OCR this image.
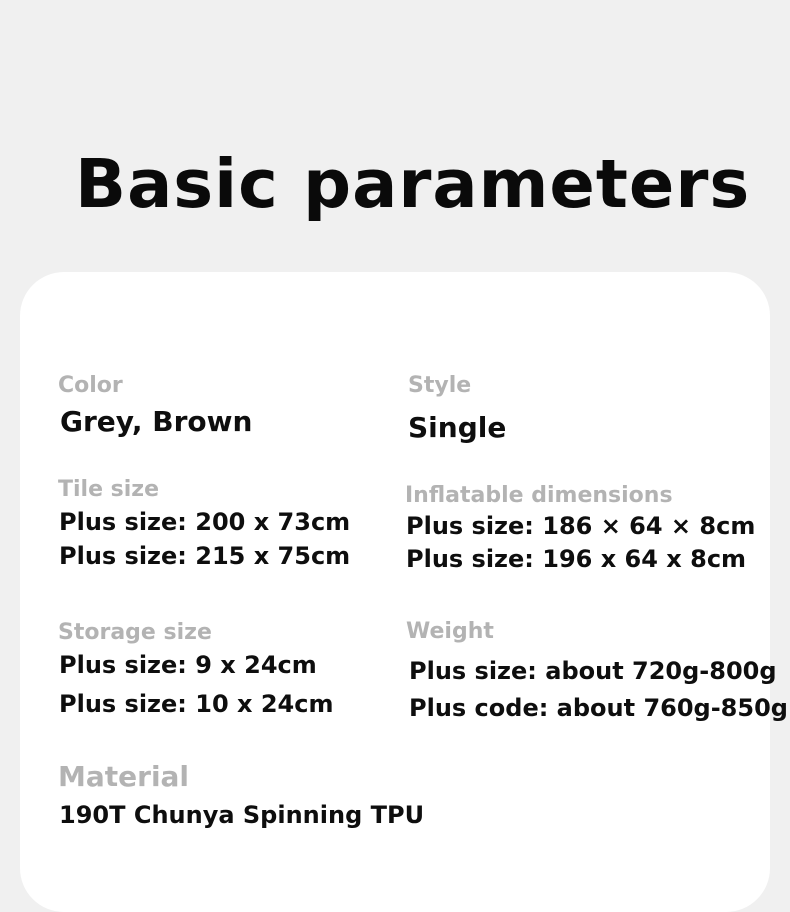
Basic parameters
Color
Grey, Brown
Tile size
Plus size: 200 x 73cm
Plus size: 215 x 75cm
Storage size
Plus size: 9 x 24cm
Plus size: 10 x 24cm
Material
190T Chunya Spinning TPU
Style
Single
Inflatable dimensions
Plus size: 186 × 64 × 8cm
Plus size: 196 x 64 x 8cm
Weight
Plus size: about 720g-800g
Plus code: about 760g-850g
